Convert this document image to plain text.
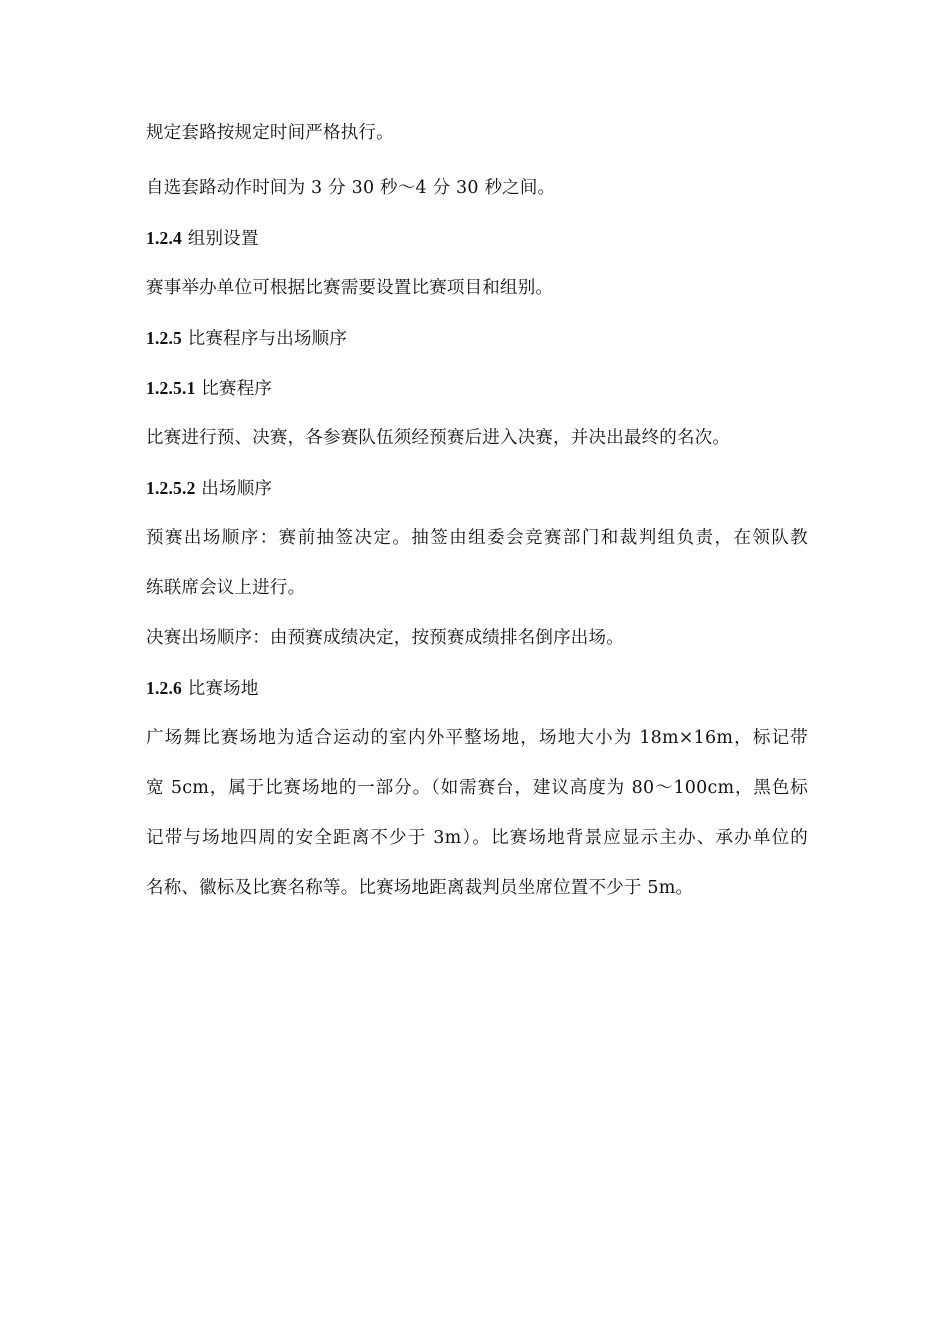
规定套路按规定时间严格执行。
自选套路动作时间为 3 分 30 秒～4 分 30 秒之间。
1.2.4 组别设置
赛事举办单位可根据比赛需要设置比赛项目和组别。
1.2.5 比赛程序与出场顺序
1.2.5.1 比赛程序
比赛进行预、决赛，各参赛队伍须经预赛后进入决赛，并决出最终的名次。
1.2.5.2 出场顺序
预赛出场顺序：赛前抽签决定。抽签由组委会竞赛部门和裁判组负责，在领队教
练联席会议上进行。
决赛出场顺序：由预赛成绩决定，按预赛成绩排名倒序出场。
1.2.6 比赛场地
广场舞比赛场地为适合运动的室内外平整场地，场地大小为 18m×16m，标记带
宽 5cm，属于比赛场地的一部分。（如需赛台，建议高度为 80～100cm，黑色标
记带与场地四周的安全距离不少于 3m）。比赛场地背景应显示主办、承办单位的
名称、徽标及比赛名称等。比赛场地距离裁判员坐席位置不少于 5m。
